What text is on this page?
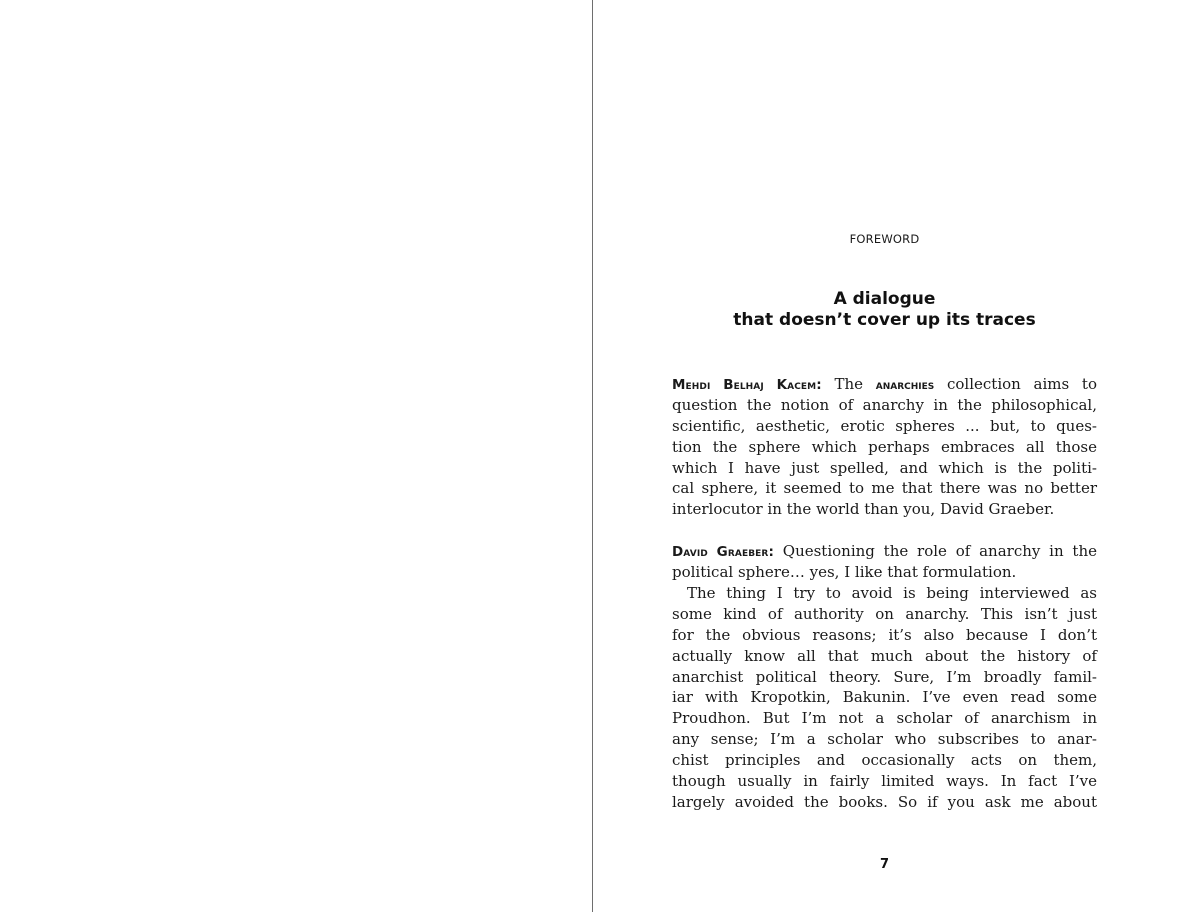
FOREWORD
A dialogue
that doesn’t cover up its traces
Mehdi Belhaj Kacem: The anarchies collection aims to
question the notion of anarchy in the philosophical,
scientific, aesthetic, erotic spheres ... but, to ques-
tion the sphere which perhaps embraces all those
which I have just spelled, and which is the politi-
cal sphere, it seemed to me that there was no better
interlocutor in the world than you, David Graeber.
David Graeber: Questioning the role of anarchy in the
political sphere… yes, I like that formulation.
The thing I try to avoid is being interviewed as
some kind of authority on anarchy. This isn’t just
for the obvious reasons; it’s also because I don’t
actually know all that much about the history of
anarchist political theory. Sure, I’m broadly famil-
iar with Kropotkin, Bakunin. I’ve even read some
Proudhon. But I’m not a scholar of anarchism in
any sense; I’m a scholar who subscribes to anar-
chist principles and occasionally acts on them,
though usually in fairly limited ways. In fact I’ve
largely avoided the books. So if you ask me about
7
